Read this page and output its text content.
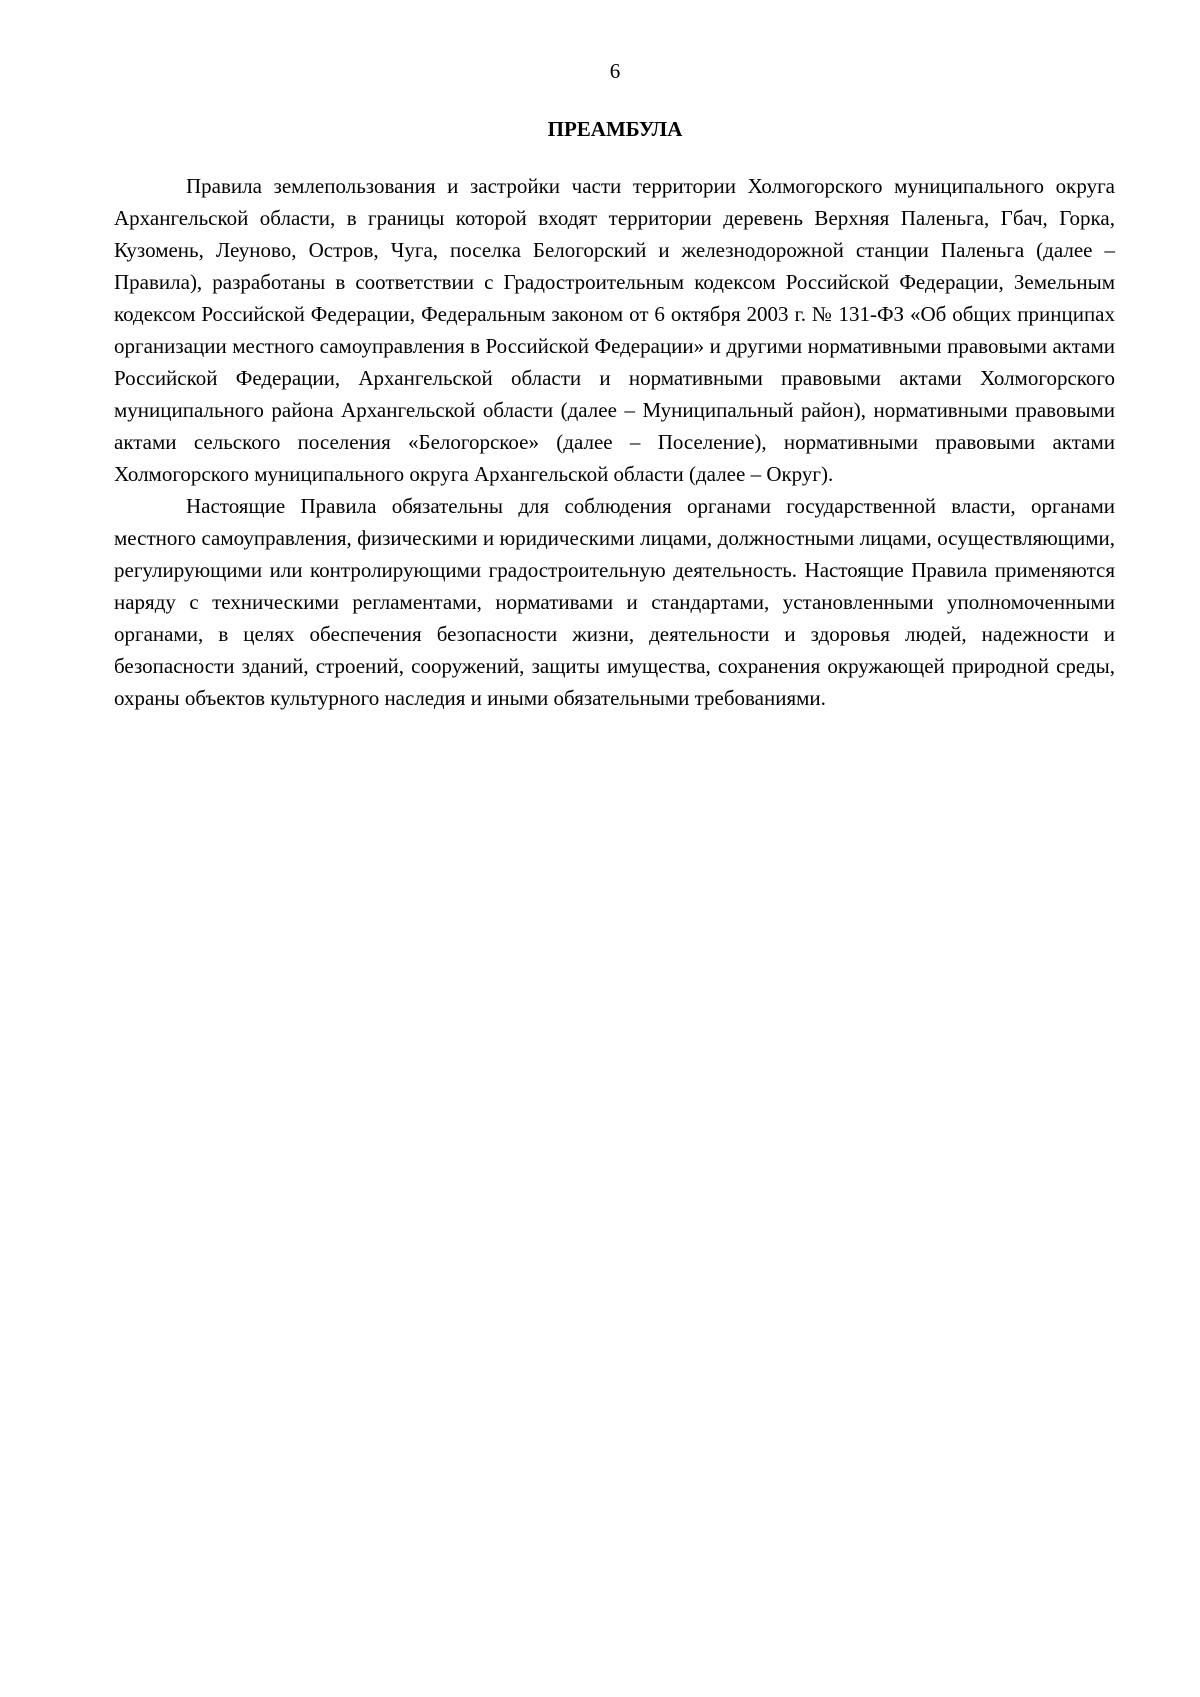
6
ПРЕАМБУЛА

Правила землепользования и застройки части территории Холмогорского муниципального округа Архангельской области, в границы которой входят территории деревень Верхняя Паленьга, Гбач, Горка, Кузомень, Леуново, Остров, Чуга, поселка Белогорский и железнодорожной станции Паленьга (далее – Правила), разработаны в соответствии с Градостроительным кодексом Российской Федерации, Земельным кодексом Российской Федерации, Федеральным законом от 6 октября 2003 г. № 131-ФЗ «Об общих принципах организации местного самоуправления в Российской Федерации» и другими нормативными правовыми актами Российской Федерации, Архангельской области и нормативными правовыми актами Холмогорского муниципального района Архангельской области (далее – Муниципальный район), нормативными правовыми актами сельского поселения «Белогорское» (далее – Поселение), нормативными правовыми актами Холмогорского муниципального округа Архангельской области (далее – Округ).

Настоящие Правила обязательны для соблюдения органами государственной власти, органами местного самоуправления, физическими и юридическими лицами, должностными лицами, осуществляющими, регулирующими или контролирующими градостроительную деятельность. Настоящие Правила применяются наряду с техническими регламентами, нормативами и стандартами, установленными уполномоченными органами, в целях обеспечения безопасности жизни, деятельности и здоровья людей, надежности и безопасности зданий, строений, сооружений, защиты имущества, сохранения окружающей природной среды, охраны объектов культурного наследия и иными обязательными требованиями.
